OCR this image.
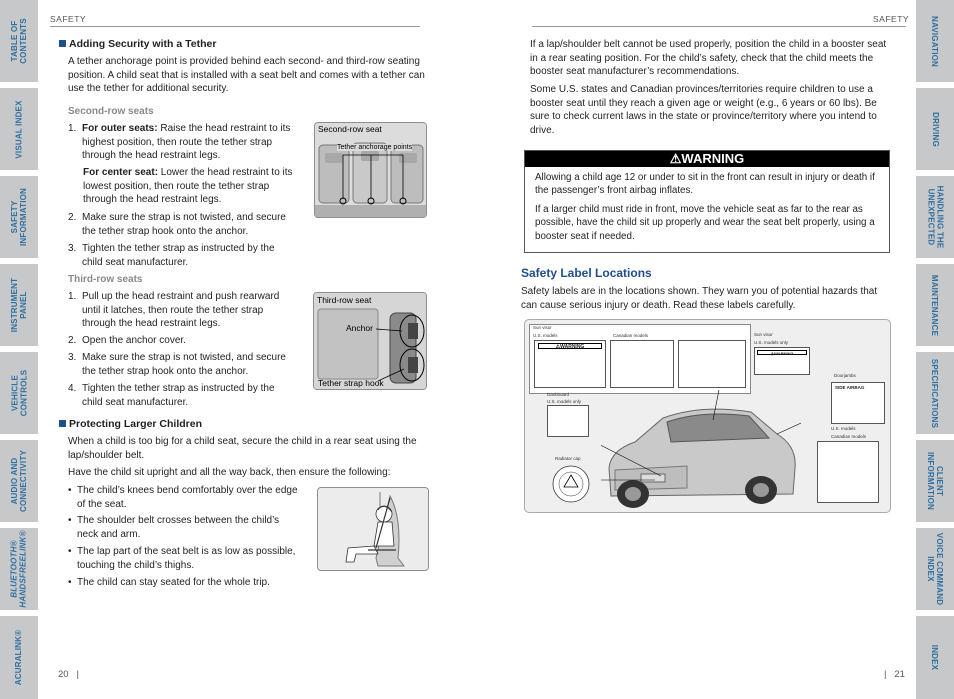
TABLE OF
CONTENTS
VISUAL INDEX
SAFETY
INFORMATION
INSTRUMENT
PANEL
VEHICLE
CONTROLS
AUDIO AND
CONNECTIVITY
BLUETOOTH®
HANDSFREELINK®
ACURALINK®
NAVIGATION
DRIVING
HANDLING THE
UNEXPECTED
MAINTENANCE
SPECIFICATIONS
CLIENT
INFORMATION
VOICE COMMAND
INDEX
INDEX
SAFETY
Adding Security with a Tether
A tether anchorage point is provided behind each second- and third-row seating position. A child seat that is installed with a seat belt and comes with a tether can use the tether for additional security.
Second-row seats
1. For outer seats: Raise the head restraint to its highest position, then route the tether strap through the head restraint legs.
For center seat: Lower the head restraint to its lowest position, then route the tether strap through the head restraint legs.
2. Make sure the strap is not twisted, and secure the tether strap hook onto the anchor.
3. Tighten the tether strap as instructed by the child seat manufacturer.
Second-row seat
Tether anchorage points
Third-row seats
1. Pull up the head restraint and push rearward until it latches, then route the tether strap through the head restraint legs.
2. Open the anchor cover.
3. Make sure the strap is not twisted, and secure the tether strap hook onto the anchor.
4. Tighten the tether strap as instructed by the child seat manufacturer.
Third-row seat
Anchor
Tether strap hook
Protecting Larger Children
When a child is too big for a child seat, secure the child in a rear seat using the lap/shoulder belt.
Have the child sit upright and all the way back, then ensure the following:
• The child’s knees bend comfortably over the edge of the seat.
• The shoulder belt crosses between the child’s neck and arm.
• The lap part of the seat belt is as low as possible, touching the child’s thighs.
• The child can stay seated for the whole trip.
20 |
SAFETY
If a lap/shoulder belt cannot be used properly, position the child in a booster seat in a rear seating position. For the child’s safety, check that the child meets the booster seat manufacturer’s recommendations.
Some U.S. states and Canadian provinces/territories require children to use a booster seat until they reach a given age or weight (e.g., 6 years or 60 lbs). Be sure to check current laws in the state or province/territory where you intend to drive.
⚠WARNING

Allowing a child age 12 or under to sit in the front can result in injury or death if the passenger’s front airbag inflates.

If a larger child must ride in front, move the vehicle seat as far to the rear as possible, have the child sit up properly and wear the seat belt properly, using a booster seat if needed.

Safety Label Locations
Safety labels are in the locations shown. They warn you of potential hazards that can cause serious injury or death. Read these labels carefully.
Sun visor
U.S. models	Canadian models
⚠WARNING
Sun visor
U.S. models only
⚠WARNING
Dashboard
U.S. models only
Radiator cap
Doorjambs
SIDE AIRBAG
U.S. models
Canadian models
| 21
